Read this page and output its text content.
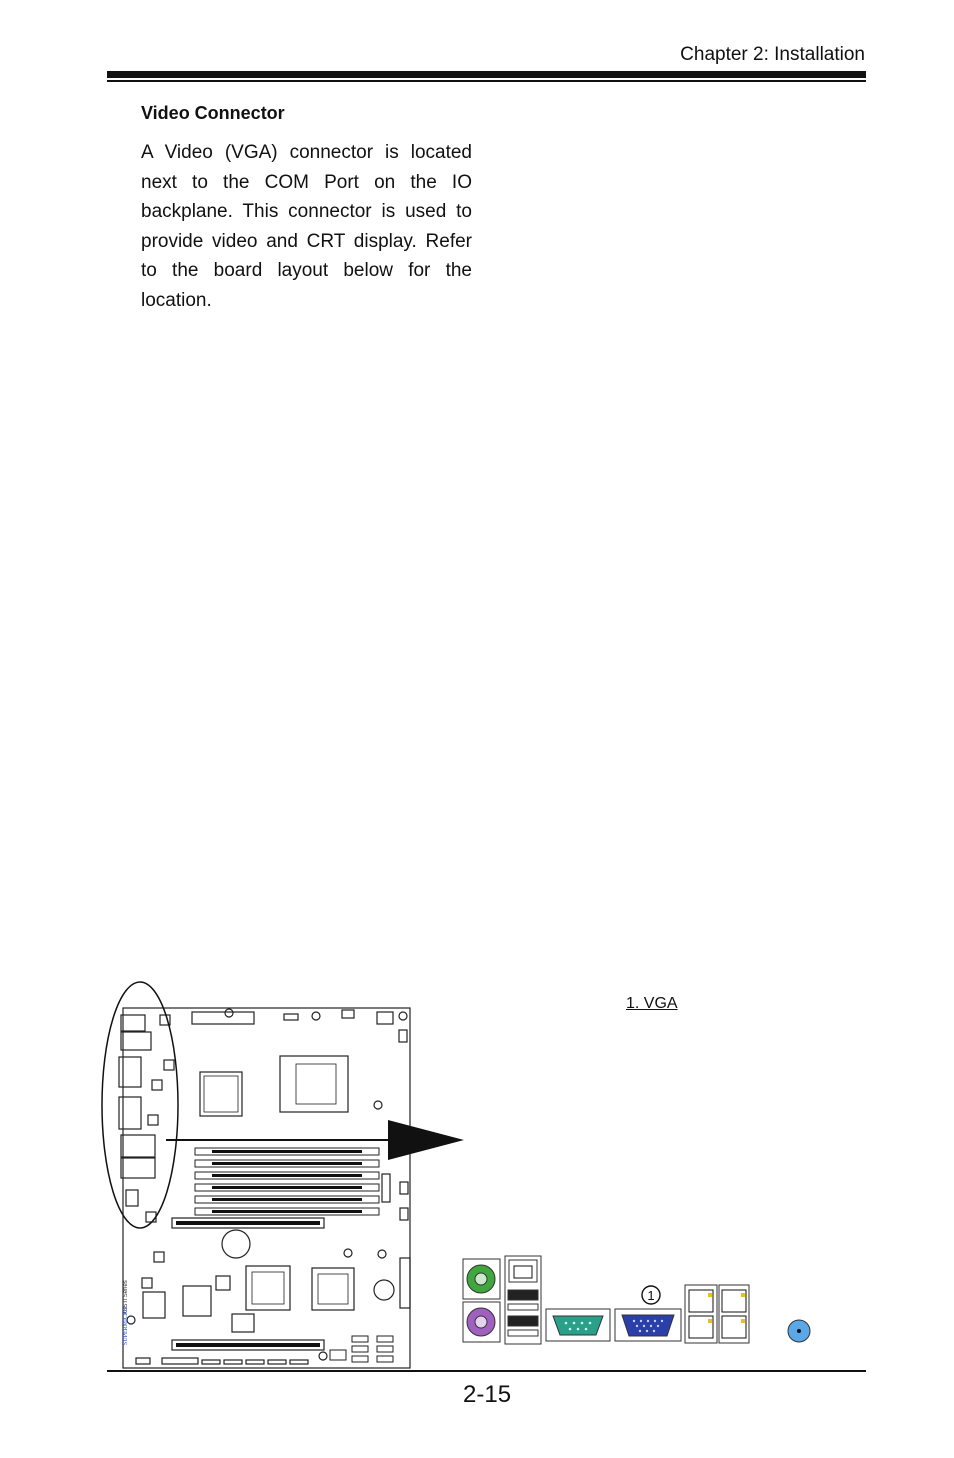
Chapter 2: Installation
Video Connector
A Video (VGA) connector is located next to the COM Port on the IO backplane. This connector is used to provide video and CRT display. Refer to the board layout below for the location.
X8STi Series
SUPERMICRO
1
1. VGA
2-15
